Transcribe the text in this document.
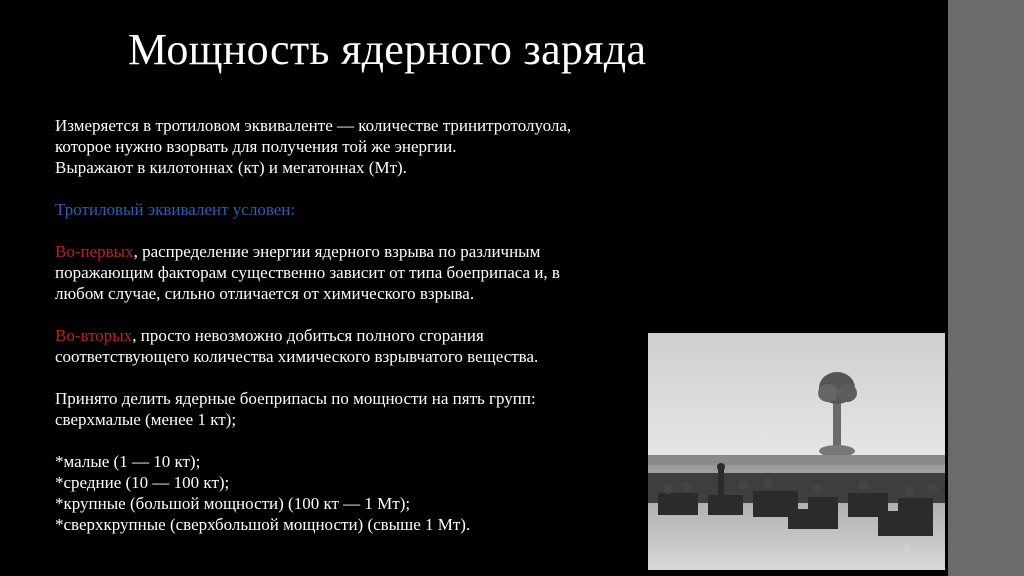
Мощность ядерного заряда

Измеряется в тротиловом эквиваленте — количестве тринитротолуола,

которое нужно взорвать для получения той же энергии.

Выражают в килотоннах (кт) и мегатоннах (Мт).

Тротиловый эквивалент условен:

Во-первых, распределение энергии ядерного взрыва по различным

поражающим факторам существенно зависит от типа боеприпаса и, в

любом случае, сильно отличается от химического взрыва.

Во-вторых, просто невозможно добиться полного сгорания

соответствующего количества химического взрывчатого вещества.

Принято делить ядерные боеприпасы по мощности на пять групп:

сверхмалые (менее 1 кт);

*малые (1 — 10 кт);

*средние (10 — 100 кт);

*крупные (большой мощности) (100 кт — 1 Мт);

*сверхкрупные (сверхбольшой мощности) (свыше 1 Мт).

6
